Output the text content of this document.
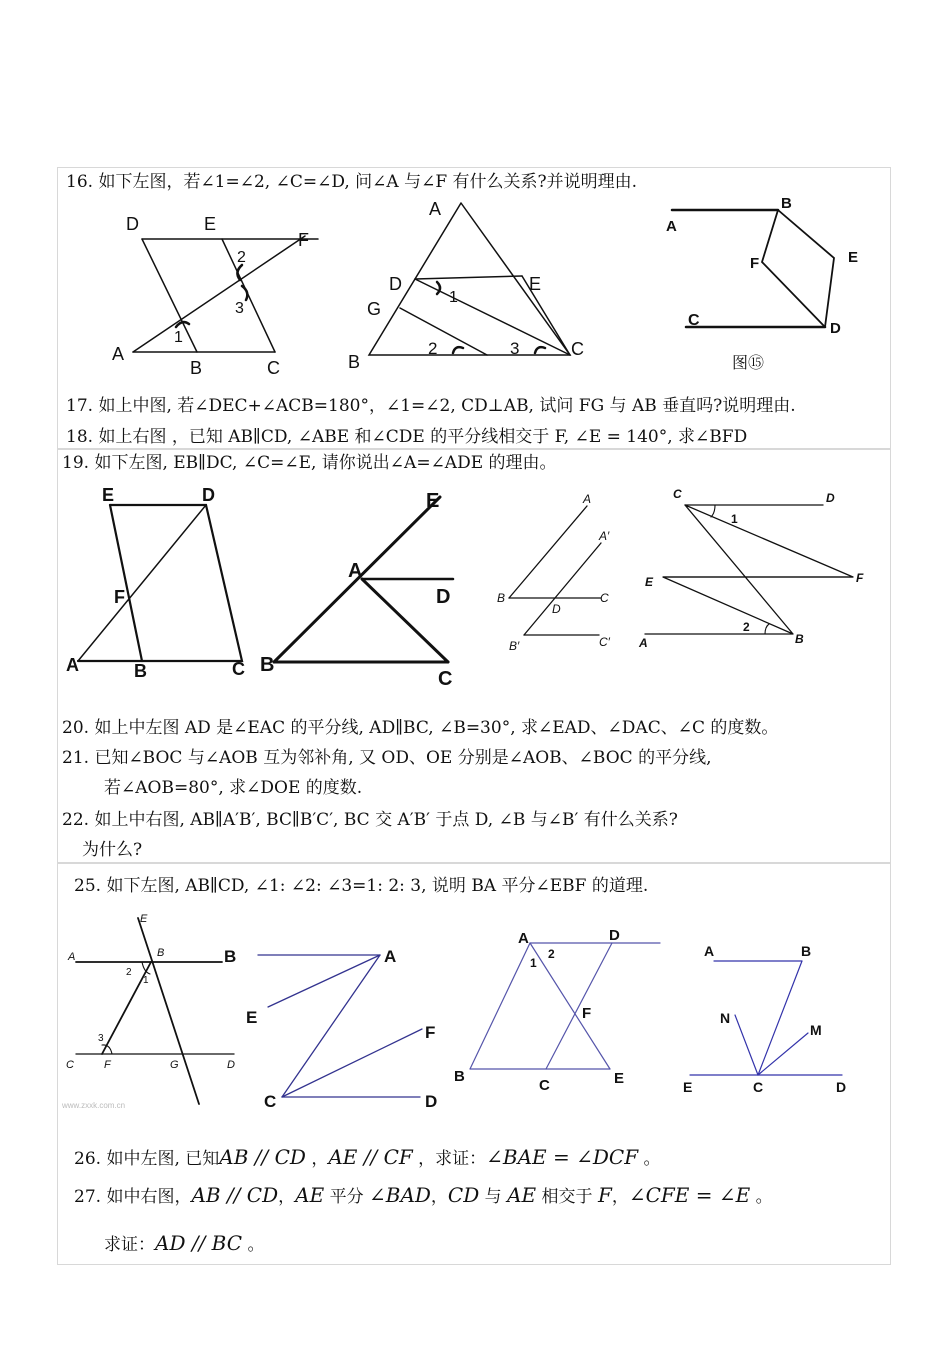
16. 如下左图，若∠1=∠2, ∠C=∠D, 问∠A 与∠F 有什么关系?并说明理由.
D	E
F
2
3
1
A
B	C
A
D
1
E
G
2	3
B
C
A
B
F	E
C	D
图⑮
17. 如上中图, 若∠DEC+∠ACB=180°，∠1=∠2, CD⊥AB, 试问 FG 与 AB 垂直吗?说明理由.
18. 如上右图 ，已知 AB∥CD, ∠ABE 和∠CDE 的平分线相交于 F, ∠E = 140°, 求∠BFD
19. 如下左图, EB∥DC, ∠C=∠E, 请你说出∠A=∠ADE 的理由。
E	D
F
A	B	C
E
A
D
B
C
A
A′
B
D
C
B′	C′
C	D
1
E	F
2
A	B
20. 如上中左图 AD 是∠EAC 的平分线, AD∥BC, ∠B=30°, 求∠EAD、∠DAC、∠C 的度数。
21. 已知∠BOC 与∠AOB 互为邻补角, 又 OD、OE 分别是∠AOB、∠BOC 的平分线,
若∠AOB=80°, 求∠DOE 的度数.
22. 如上中右图, AB∥A′B′, BC∥B′C′, BC 交 A′B′ 于点 D, ∠B 与∠B′ 有什么关系?
为什么?
25. 如下左图, AB∥CD, ∠1: ∠2: ∠3=1: 2: 3, 说明 BA 平分∠EBF 的道理.
E
A	B
2
1
3
C	F	G	D
www.zxxk.com.cn
B	A
E
F
C	D
A	D
1
2
F
B
C	E
A	B
N
M
E	C	D
26. 如中左图, 已知AB // CD ，AE // CF ，求证：∠BAE = ∠DCF 。
27. 如中右图，AB // CD，AE 平分 ∠BAD，CD 与 AE 相交于 F，∠CFE = ∠E 。
求证：AD // BC 。
